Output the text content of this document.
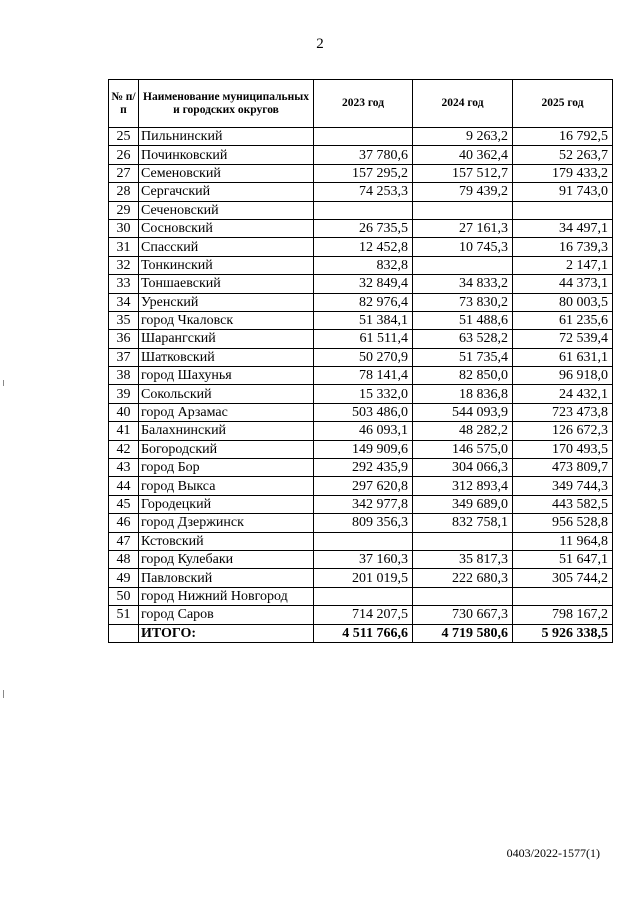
2
№ п/п	Наименование муниципальных и городских округов	2023 год	2024 год	2025 год
25	Пильнинский		9 263,2	16 792,5
26	Починковский	37 780,6	40 362,4	52 263,7
27	Семеновский	157 295,2	157 512,7	179 433,2
28	Сергачский	74 253,3	79 439,2	91 743,0
29	Сеченовский			
30	Сосновский	26 735,5	27 161,3	34 497,1
31	Спасский	12 452,8	10 745,3	16 739,3
32	Тонкинский	832,8		2 147,1
33	Тоншаевский	32 849,4	34 833,2	44 373,1
34	Уренский	82 976,4	73 830,2	80 003,5
35	город Чкаловск	51 384,1	51 488,6	61 235,6
36	Шарангский	61 511,4	63 528,2	72 539,4
37	Шатковский	50 270,9	51 735,4	61 631,1
38	город Шахунья	78 141,4	82 850,0	96 918,0
39	Сокольский	15 332,0	18 836,8	24 432,1
40	город Арзамас	503 486,0	544 093,9	723 473,8
41	Балахнинский	46 093,1	48 282,2	126 672,3
42	Богородский	149 909,6	146 575,0	170 493,5
43	город Бор	292 435,9	304 066,3	473 809,7
44	город Выкса	297 620,8	312 893,4	349 744,3
45	Городецкий	342 977,8	349 689,0	443 582,5
46	город Дзержинск	809 356,3	832 758,1	956 528,8
47	Кстовский			11 964,8
48	город Кулебаки	37 160,3	35 817,3	51 647,1
49	Павловский	201 019,5	222 680,3	305 744,2
50	город Нижний Новгород			
51	город Саров	714 207,5	730 667,3	798 167,2
	ИТОГО:	4 511 766,6	4 719 580,6	5 926 338,5
0403/2022-1577(1)
